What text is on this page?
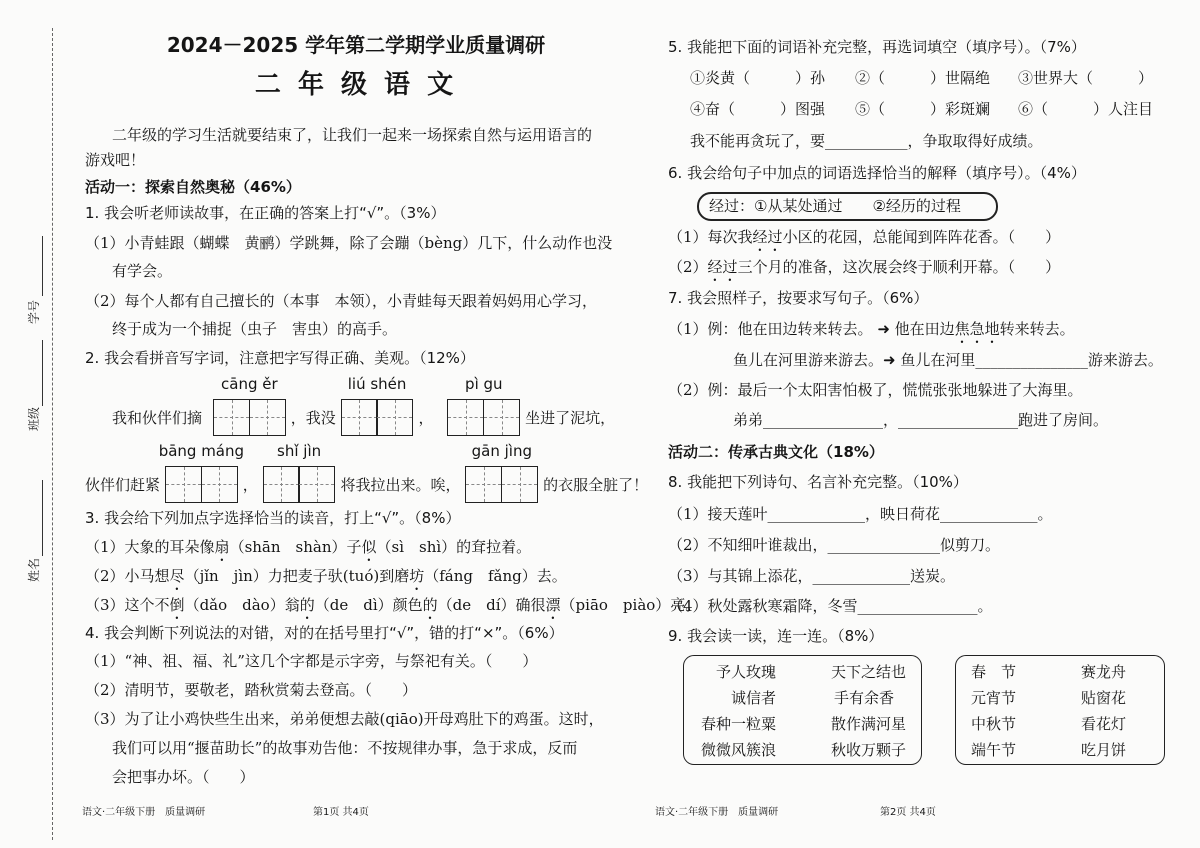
学号
班级
姓名
2024－2025 学年第二学期学业质量调研
二 年 级 语 文
二年级的学习生活就要结束了，让我们一起来一场探索自然与运用语言的
游戏吧！
活动一：探索自然奥秘（46%）
1. 我会听老师读故事，在正确的答案上打“√”。（3%）
（1）小青蛙跟（蝴蝶　黄鹂）学跳舞，除了会蹦（bèng）几下，什么动作也没
有学会。
（2）每个人都有自己擅长的（本事　本领），小青蛙每天跟着妈妈用心学习，
终于成为一个捕捉（虫子　害虫）的高手。
2. 我会看拼音写字词，注意把字写得正确、美观。（12%）
我和伙伴们摘
cāng ěr
，我没
liú shén
，
pì gu
坐进了泥坑，
伙伴们赶紧
bāng máng
，
shǐ jìn
将我拉出来。唉，
gān jìng
的衣服全脏了！
3. 我会给下列加点字选择恰当的读音，打上“√”。（8%）
（1）大象的耳朵像扇（shān　shàn）子似（sì　shì）的耷拉着。
（2）小马想尽（jǐn　jìn）力把麦子驮(tuó)到磨坊（fáng　fǎng）去。
（3）这个不倒（dǎo　dào）翁的（de　dì）颜色的（de　dí）确很漂（piāo　piào）亮。
4. 我会判断下列说法的对错，对的在括号里打“√”，错的打“×”。（6%）
（1）“神、祖、福、礼”这几个字都是示字旁，与祭祀有关。（　　）
（2）清明节，要敬老，踏秋赏菊去登高。（　　）
（3）为了让小鸡快些生出来，弟弟便想去敲(qiāo)开母鸡肚下的鸡蛋。这时，
我们可以用“揠苗助长”的故事劝告他：不按规律办事，急于求成，反而
会把事办坏。（　　）
语文·二年级下册　质量调研	第1页 共4页
5. 我能把下面的词语补充完整，再选词填空（填序号）。（7%）
①炎黄（　　　）孙 ②（　　　）世隔绝 ③世界大（　　　）
④奋（　　　）图强 ⑤（　　　）彩斑斓 ⑥（　　　）人注目
我不能再贪玩了，要___________，争取取得好成绩。
6. 我会给句子中加点的词语选择恰当的解释（填序号）。（4%）
经过：①从某处通过　　②经历的过程
（1）每次我经过小区的花园，总能闻到阵阵花香。（　　）
（2）经过三个月的准备，这次展会终于顺利开幕。（　　）
7. 我会照样子，按要求写句子。（6%）
（1）例：他在田边转来转去。 ➜ 他在田边焦急地转来转去。
鱼儿在河里游来游去。➜ 鱼儿在河里_______________游来游去。
（2）例：最后一个太阳害怕极了，慌慌张张地躲进了大海里。
弟弟________________，________________跑进了房间。
活动二：传承古典文化（18%）
8. 我能把下列诗句、名言补充完整。（10%）
（1）接天莲叶_____________，映日荷花_____________。
（2）不知细叶谁裁出，_______________似剪刀。
（3）与其锦上添花，_____________送炭。
（4）秋处露秋寒霜降，冬雪________________。
9. 我会读一读，连一连。（8%）
予人玫瑰
诚信者
春种一粒粟
微微风簇浪
天下之结也
手有余香
散作满河星
秋收万颗子
春　节
元宵节
中秋节
端午节
赛龙舟
贴窗花
看花灯
吃月饼
语文·二年级下册　质量调研	第2页 共4页
